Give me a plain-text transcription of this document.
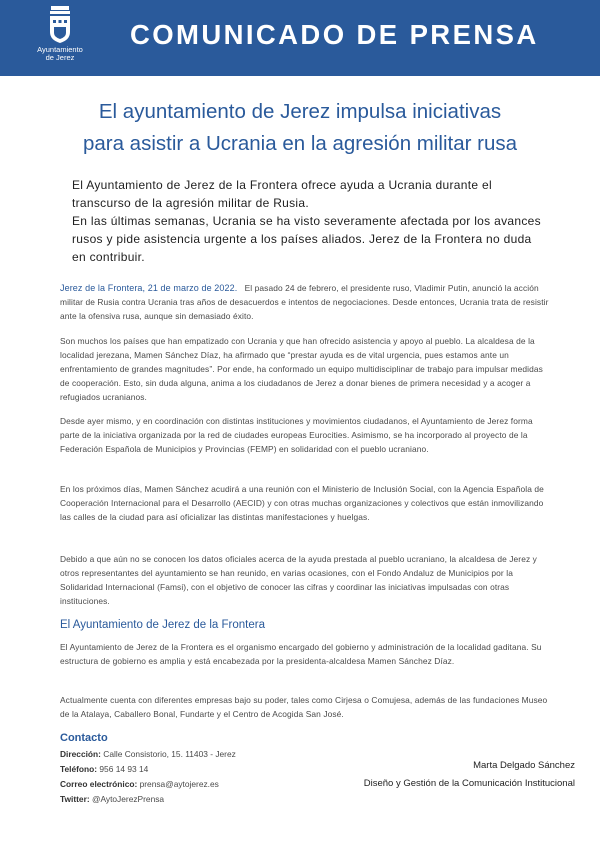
Ayuntamiento
de Jerez
COMUNICADO DE PRENSA
El ayuntamiento de Jerez impulsa iniciativas
para asistir a Ucrania en la agresión militar rusa

El Ayuntamiento de Jerez de la Frontera ofrece ayuda a Ucrania durante el transcurso de la agresión militar de Rusia.

En las últimas semanas, Ucrania se ha visto severamente afectada por los avances rusos y pide asistencia urgente a los países aliados. Jerez de la Frontera no duda en contribuir.

Jerez de la Frontera, 21 de marzo de 2022. El pasado 24 de febrero, el presidente ruso, Vladimir Putin, anunció la acción militar de Rusia contra Ucrania tras años de desacuerdos e intentos de negociaciones. Desde entonces, Ucrania trata de resistir ante la ofensiva rusa, aunque sin demasiado éxito.

Son muchos los países que han empatizado con Ucrania y que han ofrecido asistencia y apoyo al pueblo. La alcaldesa de la localidad jerezana, Mamen Sánchez Díaz, ha afirmado que “prestar ayuda es de vital urgencia, pues estamos ante un enfrentamiento de grandes magnitudes”. Por ende, ha conformado un equipo multidisciplinar de trabajo para impulsar medidas de cooperación. Esto, sin duda alguna, anima a los ciudadanos de Jerez a donar bienes de primera necesidad y a acoger a refugiados ucranianos.

Desde ayer mismo, y en coordinación con distintas instituciones y movimientos ciudadanos, el Ayuntamiento de Jerez forma parte de la iniciativa organizada por la red de ciudades europeas Eurocities. Asimismo, se ha incorporado al proyecto de la Federación Española de Municipios y Provincias (FEMP) en solidaridad con el pueblo ucraniano.

En los próximos días, Mamen Sánchez acudirá a una reunión con el Ministerio de Inclusión Social, con la Agencia Española de Cooperación Internacional para el Desarrollo (AECID) y con otras muchas organizaciones y colectivos que están inmovilizando las calles de la ciudad para así oficializar las distintas manifestaciones y huelgas.

Debido a que aún no se conocen los datos oficiales acerca de la ayuda prestada al pueblo ucraniano, la alcaldesa de Jerez y otros representantes del ayuntamiento se han reunido, en varias ocasiones, con el Fondo Andaluz de Municipios por la Solidaridad Internacional (Famsi), con el objetivo de conocer las cifras y coordinar las iniciativas impulsadas con otras instituciones.

El Ayuntamiento de Jerez de la Frontera

El Ayuntamiento de Jerez de la Frontera es el organismo encargado del gobierno y administración de la localidad gaditana. Su estructura de gobierno es amplia y está encabezada por la presidenta-alcaldesa Mamen Sánchez Díaz.

Actualmente cuenta con diferentes empresas bajo su poder, tales como Cirjesa o Comujesa, además de las fundaciones Museo de la Atalaya, Caballero Bonal, Fundarte y el Centro de Acogida San José.

Contacto
Dirección: Calle Consistorio, 15. 11403 - Jerez
Teléfono: 956 14 93 14
Correo electrónico: prensa@aytojerez.es
Twitter: @AytoJerezPrensa
Marta Delgado Sánchez
Diseño y Gestión de la Comunicación Institucional
